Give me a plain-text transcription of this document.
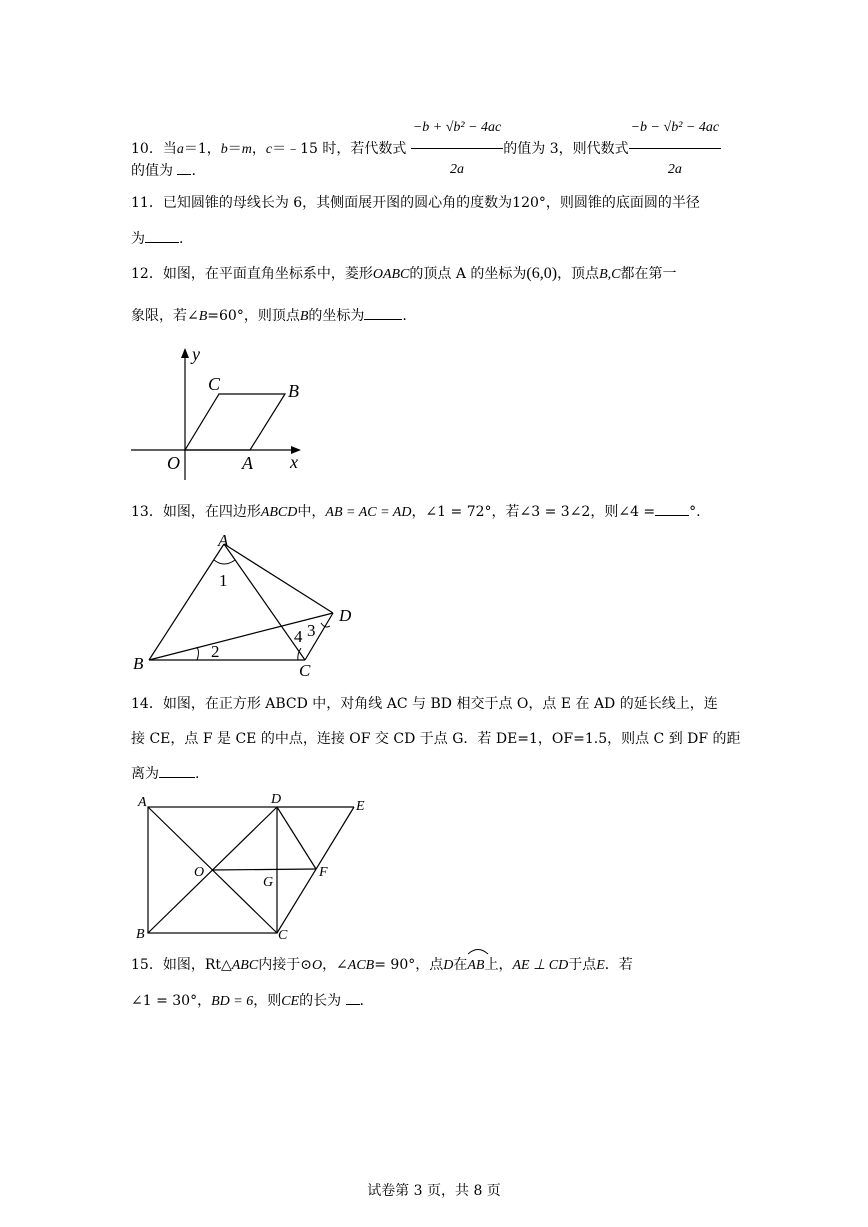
10．当a＝1，b＝m，c＝﹣15 时，若代数式 $\frac{\text{−b + √b² − 4ac}}{2a}$ 的值为 3，则代数式 $\frac{\text{−b − √b² − 4ac}}{2a}$
的值为 .
11．已知圆锥的母线长为 6，其侧面展开图的圆心角的度数为120°，则圆锥的底面圆的半径
为 .
12．如图，在平面直角坐标系中，菱形OABC的顶点 A 的坐标为(6,0)，顶点B,C都在第一
象限，若∠B=60°，则顶点B的坐标为	.
y
x
O	A
B
C
13．如图，在四边形ABCD中，AB = AC = AD，∠1 = 72°，若∠3 = 3∠2，则∠4 = °.
A
B	C
D
1
2
3
4
14．如图，在正方形 ABCD 中，对角线 AC 与 BD 相交于点 O，点 E 在 AD 的延长线上，连
接 CE，点 F 是 CE 的中点，连接 OF 交 CD 于点 G．若 DE=1，OF=1.5，则点 C 到 DF 的距
离为	.
A	D	E
O
G
F
B	C
15．如图，Rt△ABC内接于⊙O，∠ACB= 90°，点D在
AB上，AE ⊥ CD于点E．若
∠1 = 30°，BD = 6，则CE的长为 .
试卷第 3 页，共 8 页
